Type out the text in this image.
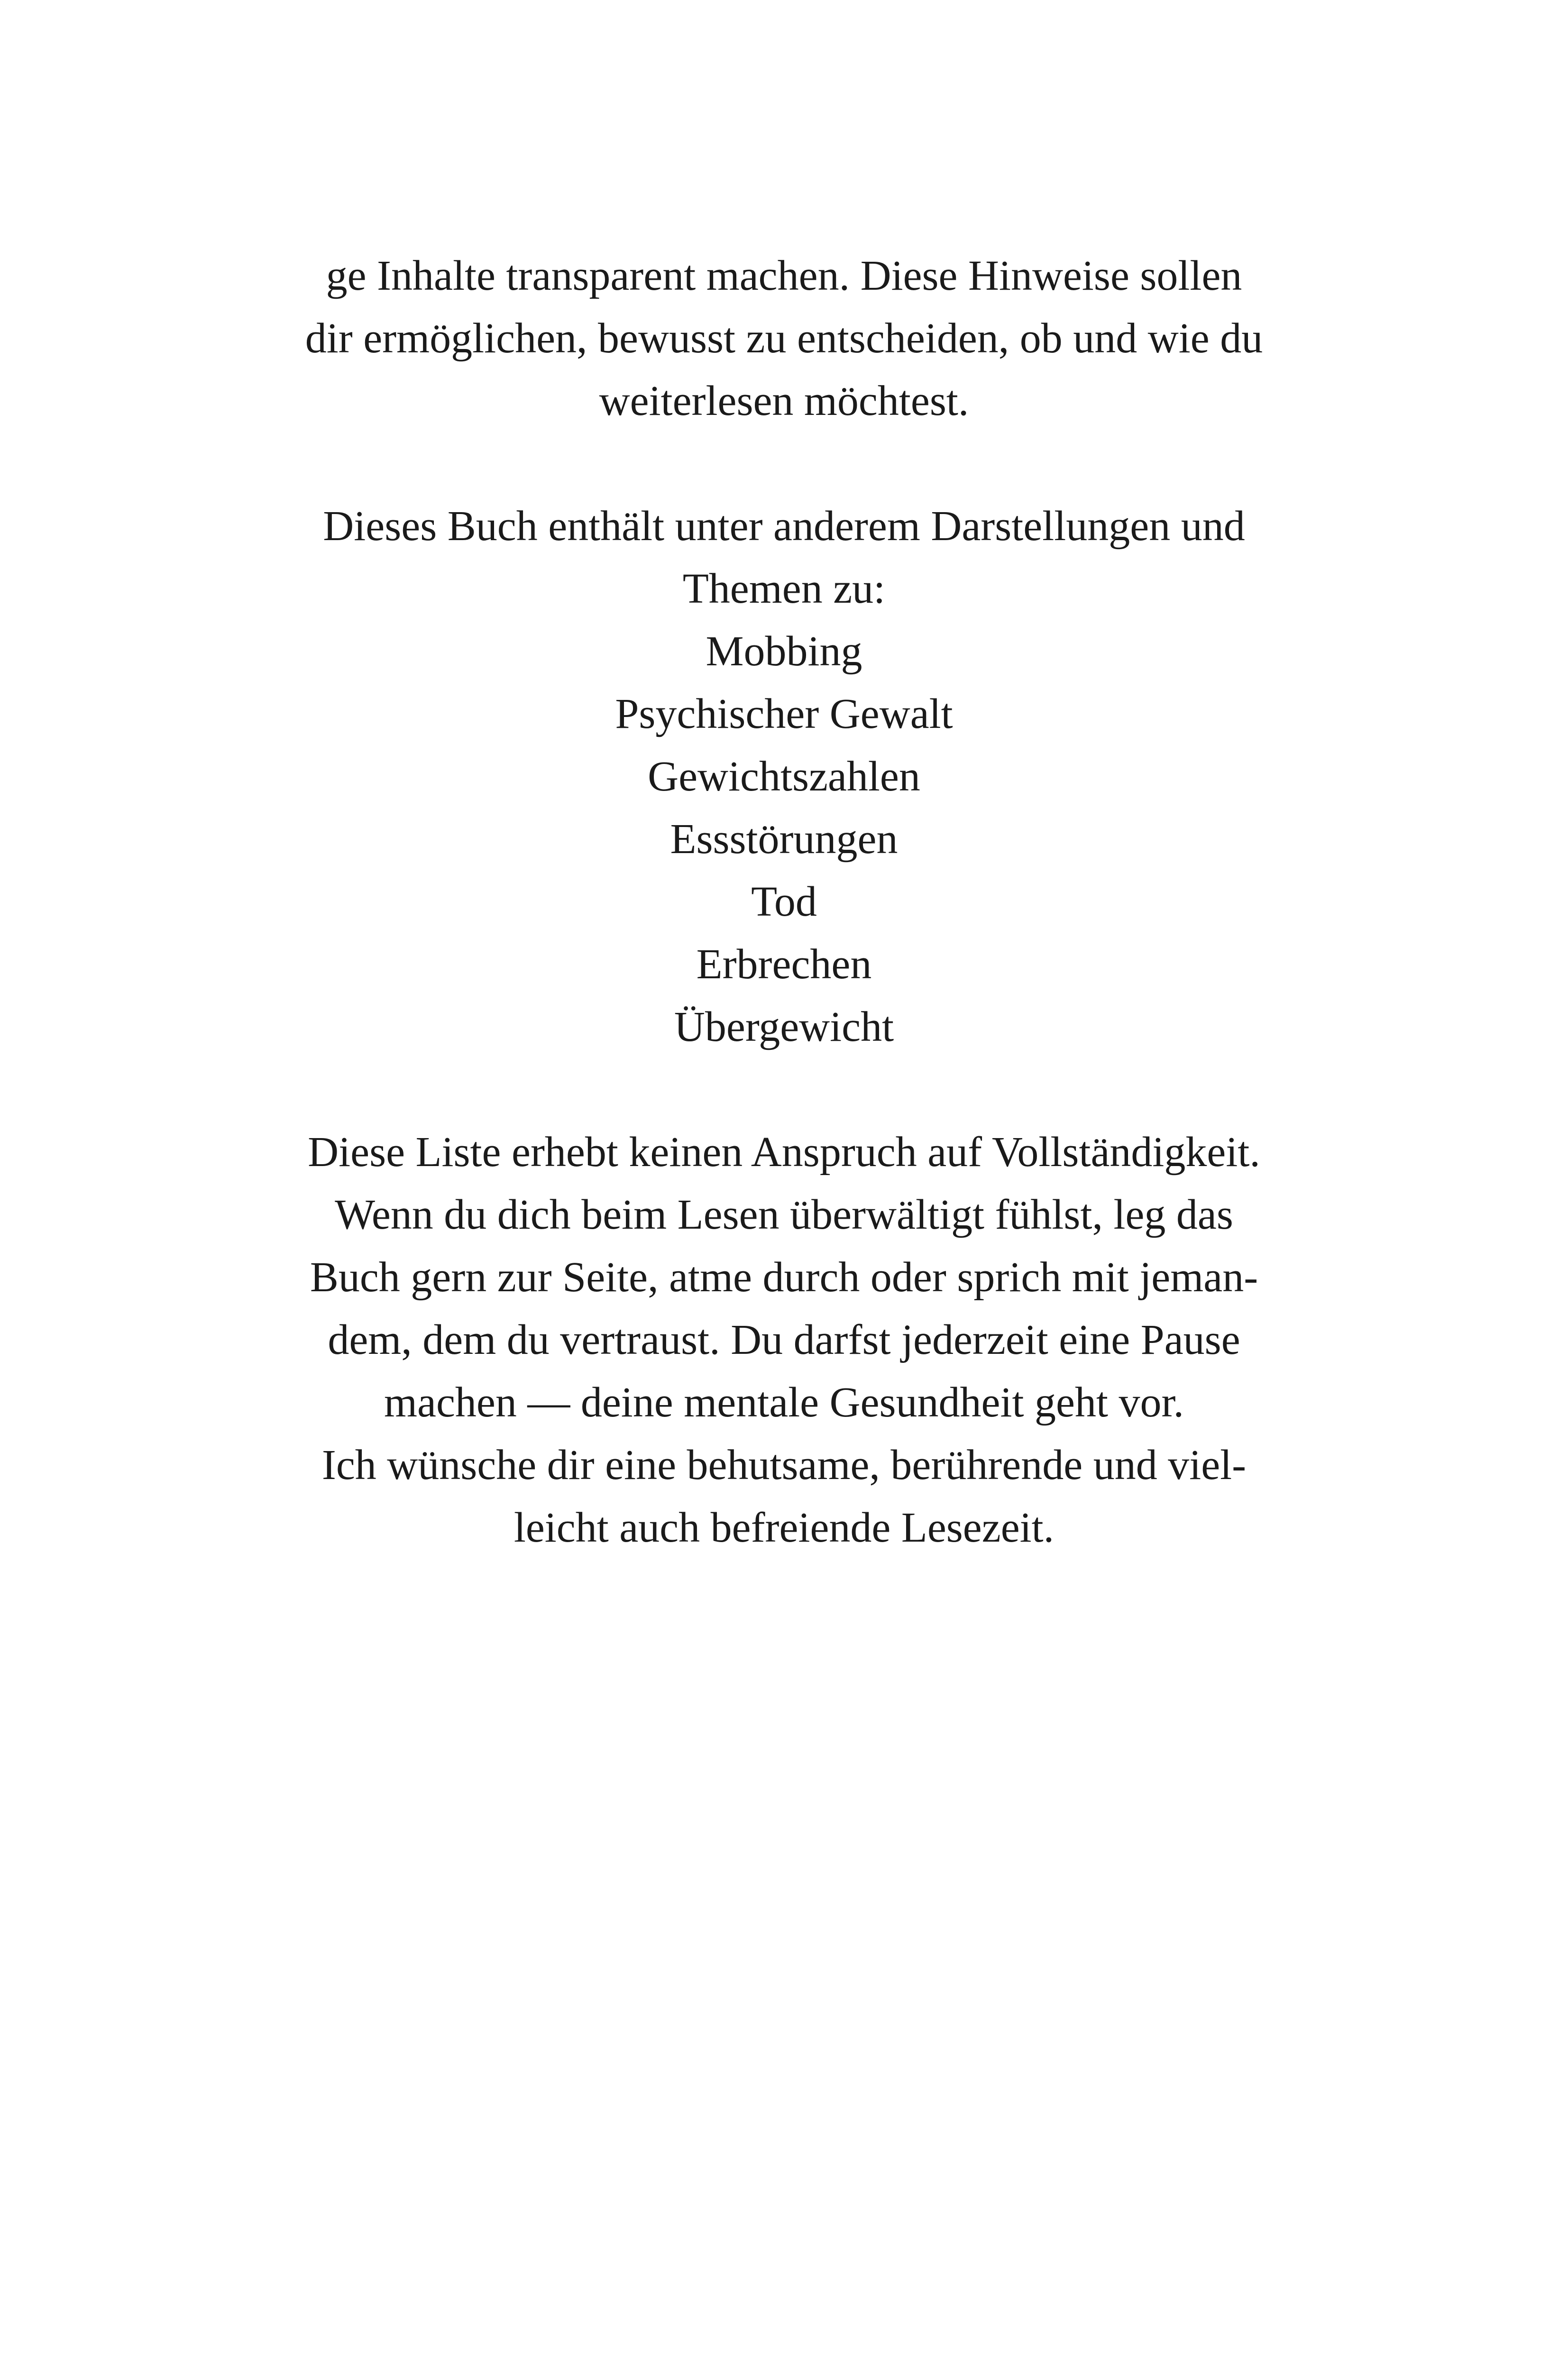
ge Inhalte transparent machen. Diese Hinweise sollen
dir ermöglichen, bewusst zu entscheiden, ob und wie du
weiterlesen möchtest.
Dieses Buch enthält unter anderem Darstellungen und
Themen zu:
Mobbing
Psychischer Gewalt
Gewichtszahlen
Essstörungen
Tod
Erbrechen
Übergewicht
Diese Liste erhebt keinen Anspruch auf Vollständigkeit.
Wenn du dich beim Lesen überwältigt fühlst, leg das
Buch gern zur Seite, atme durch oder sprich mit jeman-
dem, dem du vertraust. Du darfst jederzeit eine Pause
machen — deine mentale Gesundheit geht vor.
Ich wünsche dir eine behutsame, berührende und viel-
leicht auch befreiende Lesezeit.
